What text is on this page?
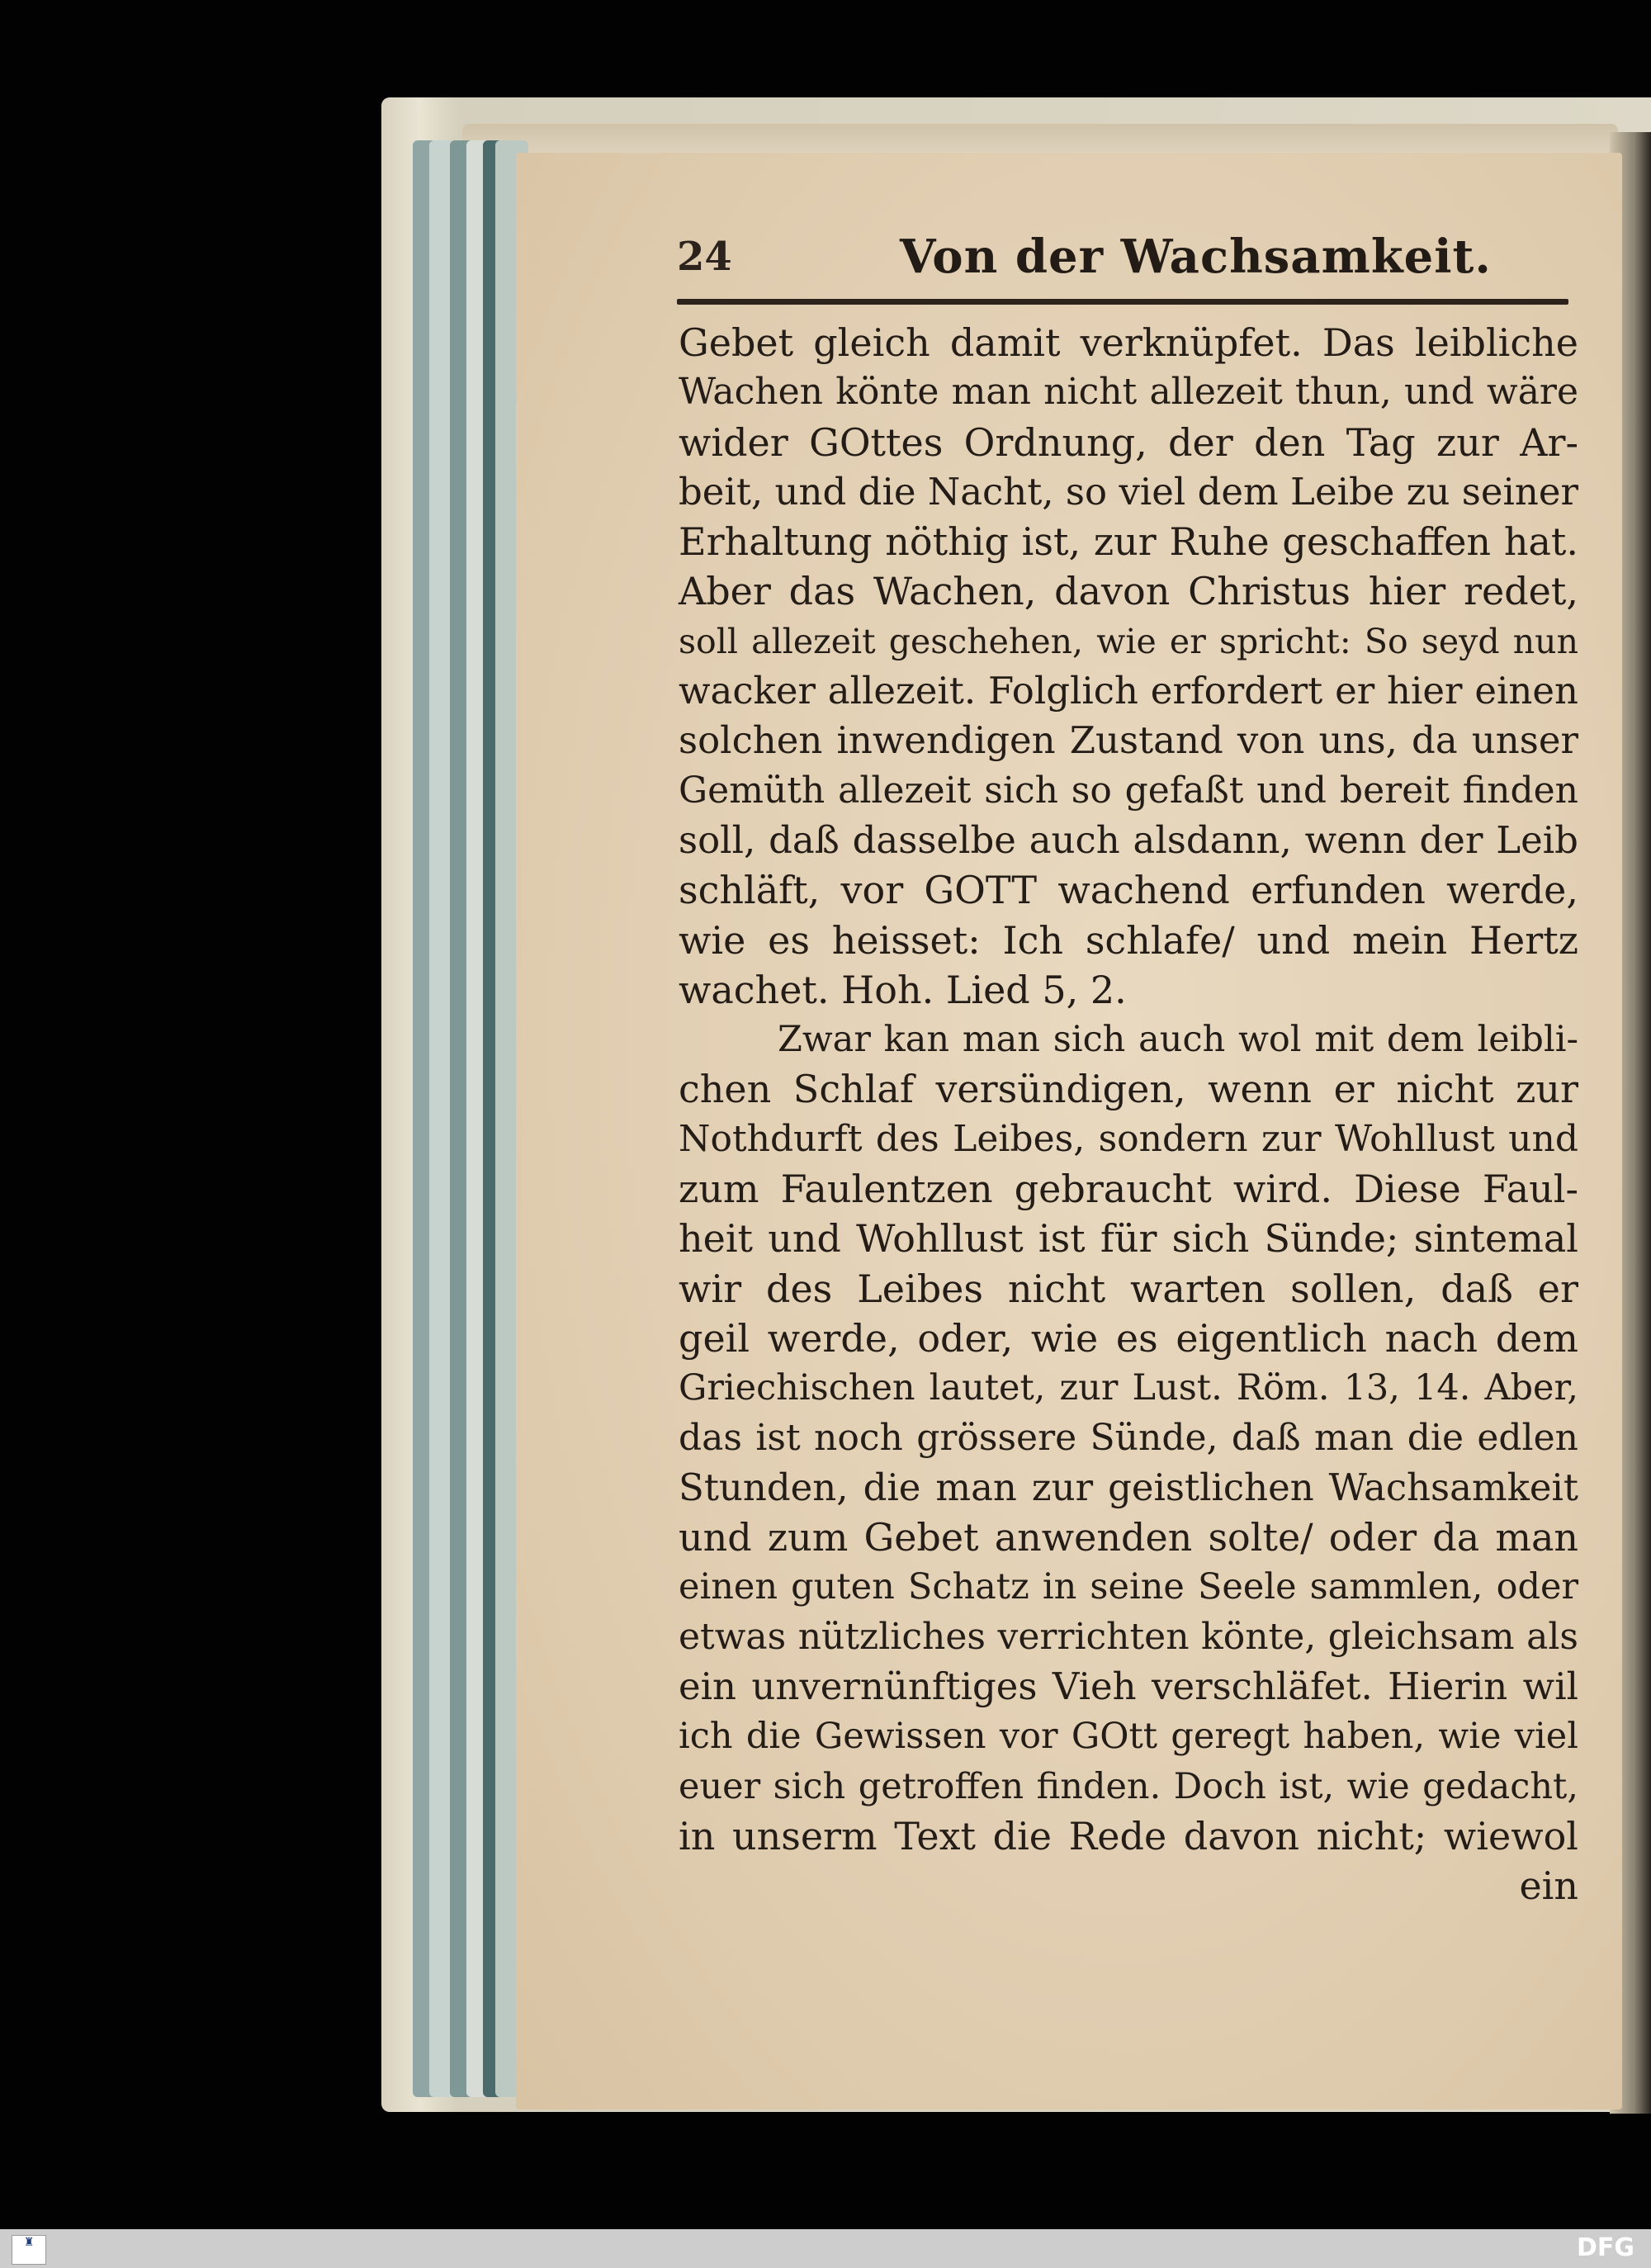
24	Von der Wachsamkeit.
Gebet gleich damit verknüpfet. Das leibliche
Wachen könte man nicht allezeit thun, und wäre
wider GOttes Ordnung, der den Tag zur Ar-
beit, und die Nacht, so viel dem Leibe zu seiner
Erhaltung nöthig ist, zur Ruhe geschaffen hat.
Aber das Wachen, davon Christus hier redet,
soll allezeit geschehen, wie er spricht: So seyd nun
wacker allezeit. Folglich erfordert er hier einen
solchen inwendigen Zustand von uns, da unser
Gemüth allezeit sich so gefaßt und bereit finden
soll, daß dasselbe auch alsdann, wenn der Leib
schläft, vor GOTT wachend erfunden werde,
wie es heisset: Ich schlafe/ und mein Hertz
wachet. Hoh. Lied 5, 2.
Zwar kan man sich auch wol mit dem leibli-
chen Schlaf versündigen, wenn er nicht zur
Nothdurft des Leibes, sondern zur Wohllust und
zum Faulentzen gebraucht wird. Diese Faul-
heit und Wohllust ist für sich Sünde; sintemal
wir des Leibes nicht warten sollen, daß er
geil werde, oder, wie es eigentlich nach dem
Griechischen lautet, zur Lust. Röm. 13, 14. Aber,
das ist noch grössere Sünde, daß man die edlen
Stunden, die man zur geistlichen Wachsamkeit
und zum Gebet anwenden solte/ oder da man
einen guten Schatz in seine Seele sammlen, oder
etwas nützliches verrichten könte, gleichsam als
ein unvernünftiges Vieh verschläfet. Hierin wil
ich die Gewissen vor GOtt geregt haben, wie viel
euer sich getroffen finden. Doch ist, wie gedacht,
in unserm Text die Rede davon nicht; wiewol
ein
♜	DFG
